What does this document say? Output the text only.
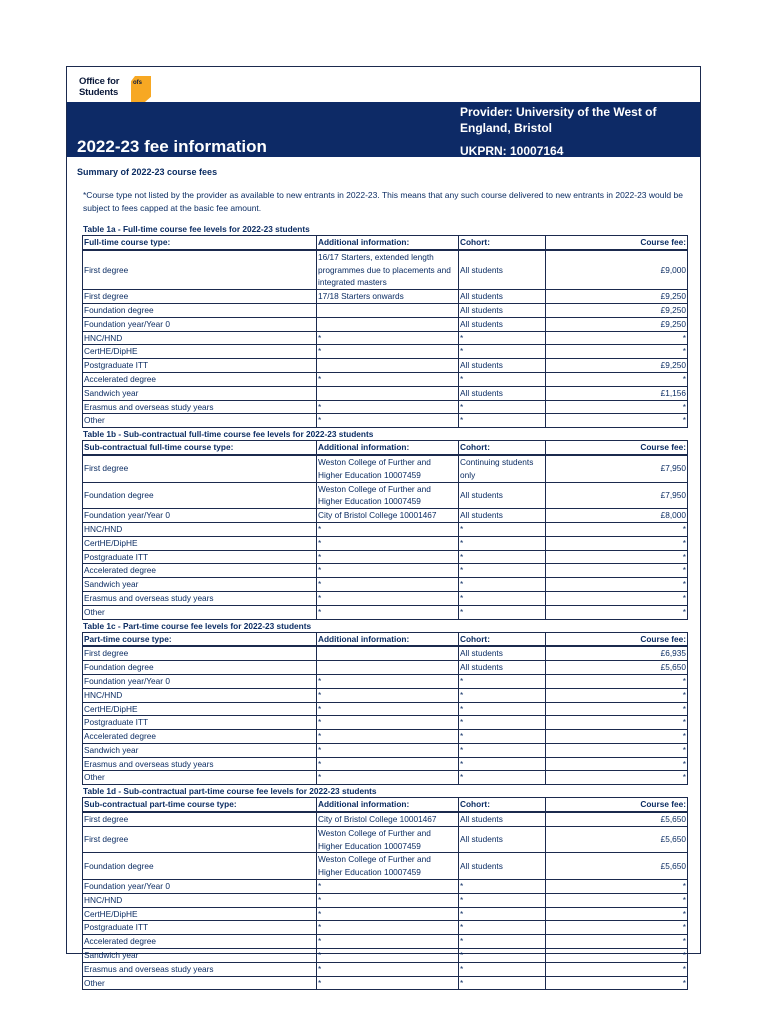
Office for
Students
ofs
2022-23 fee information
Provider: University of the West of England, Bristol
UKPRN: 10007164
Summary of 2022-23 course fees
*Course type not listed by the provider as available to new entrants in 2022-23. This means that any such course delivered to new entrants in 2022-23 would be subject to fees capped at the basic fee amount.
Table 1a - Full-time course fee levels for 2022-23 students
Full-time course type:	Additional information:	Cohort:	Course fee:
First degree	16/17 Starters, extended length programmes due to placements and integrated masters	All students	£9,000
First degree	17/18 Starters onwards	All students	£9,250
Foundation degree		All students	£9,250
Foundation year/Year 0		All students	£9,250
HNC/HND	*	*	*
CertHE/DipHE	*	*	*
Postgraduate ITT		All students	£9,250
Accelerated degree	*	*	*
Sandwich year		All students	£1,156
Erasmus and overseas study years	*	*	*
Other	*	*	*
Table 1b - Sub-contractual full-time course fee levels for 2022-23 students
Sub-contractual full-time course type:	Additional information:	Cohort:	Course fee:
First degree	Weston College of Further and Higher Education 10007459	Continuing students only	£7,950
Foundation degree	Weston College of Further and Higher Education 10007459	All students	£7,950
Foundation year/Year 0	City of Bristol College 10001467	All students	£8,000
HNC/HND	*	*	*
CertHE/DipHE	*	*	*
Postgraduate ITT	*	*	*
Accelerated degree	*	*	*
Sandwich year	*	*	*
Erasmus and overseas study years	*	*	*
Other	*	*	*
Table 1c - Part-time course fee levels for 2022-23 students
Part-time course type:	Additional information:	Cohort:	Course fee:
First degree		All students	£6,935
Foundation degree		All students	£5,650
Foundation year/Year 0	*	*	*
HNC/HND	*	*	*
CertHE/DipHE	*	*	*
Postgraduate ITT	*	*	*
Accelerated degree	*	*	*
Sandwich year	*	*	*
Erasmus and overseas study years	*	*	*
Other	*	*	*
Table 1d - Sub-contractual part-time course fee levels for 2022-23 students
Sub-contractual part-time course type:	Additional information:	Cohort:	Course fee:
First degree	City of Bristol College 10001467	All students	£5,650
First degree	Weston College of Further and Higher Education 10007459	All students	£5,650
Foundation degree	Weston College of Further and Higher Education 10007459	All students	£5,650
Foundation year/Year 0	*	*	*
HNC/HND	*	*	*
CertHE/DipHE	*	*	*
Postgraduate ITT	*	*	*
Accelerated degree	*	*	*
Sandwich year	*	*	*
Erasmus and overseas study years	*	*	*
Other	*	*	*
